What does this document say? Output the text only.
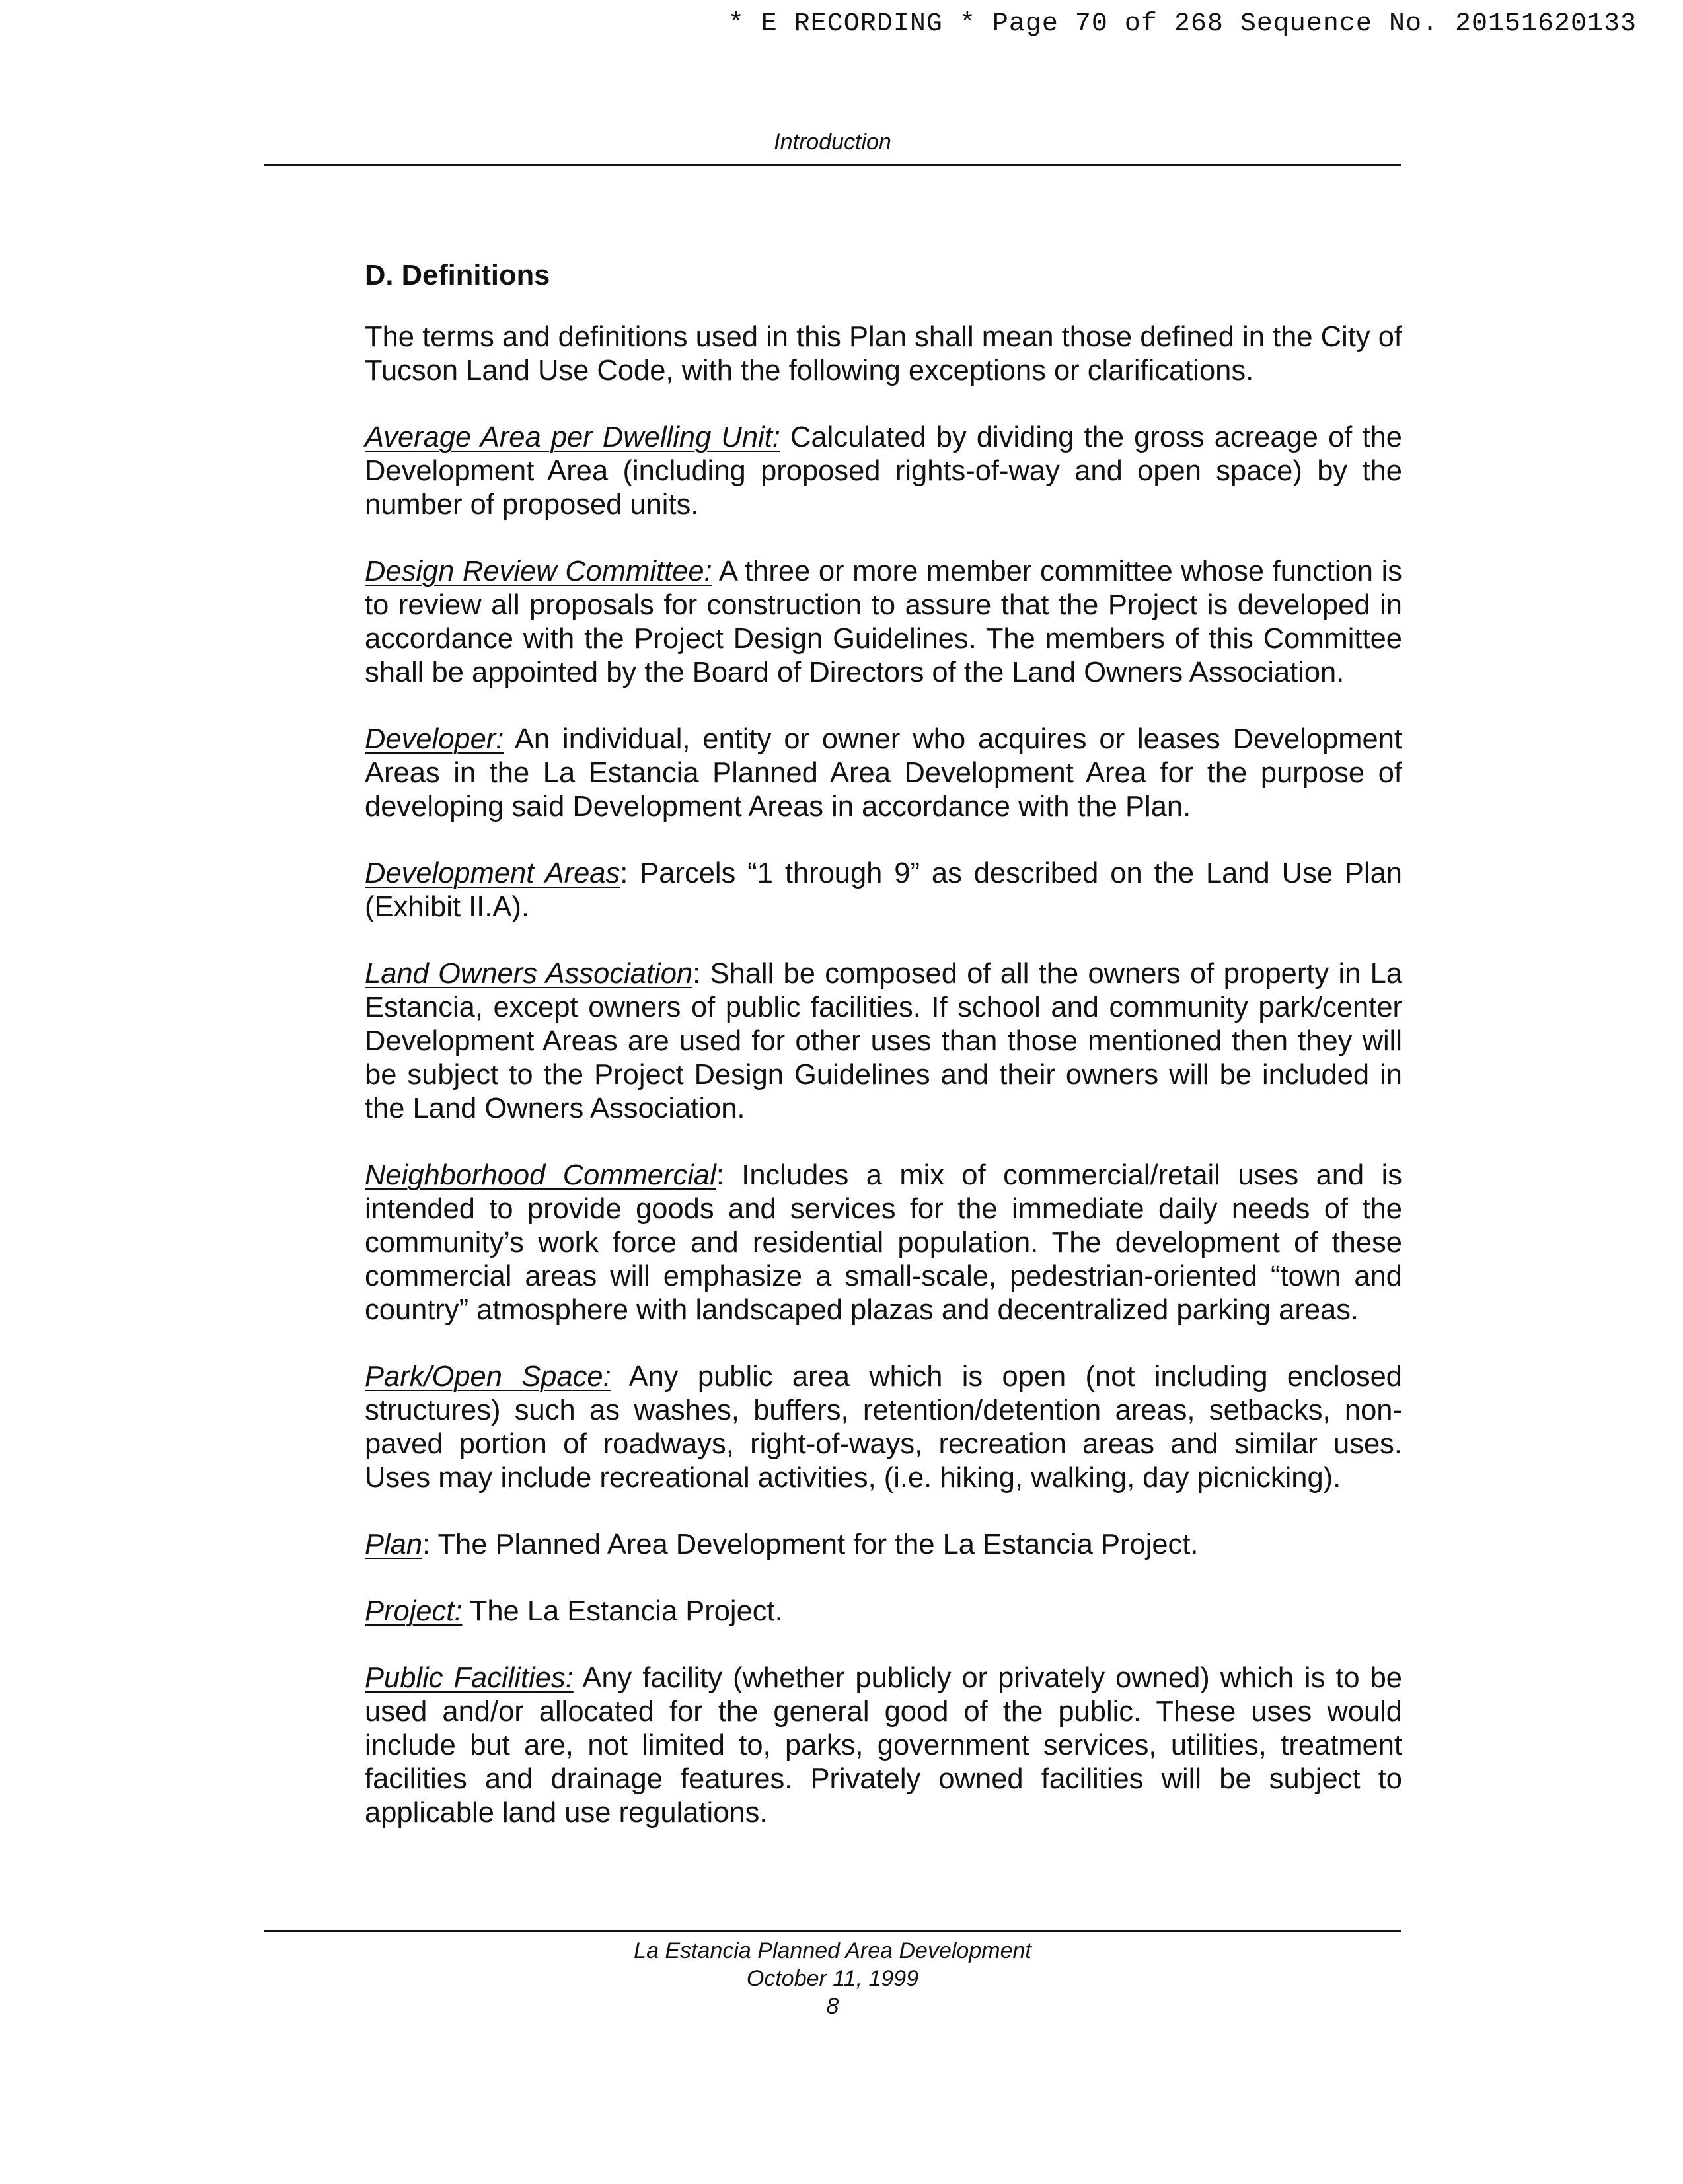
* E RECORDING * Page 70 of 268 Sequence No. 20151620133
Introduction
D. Definitions

The terms and definitions used in this Plan shall mean those defined in the City of Tucson Land Use Code, with the following exceptions or clarifications.

Average Area per Dwelling Unit: Calculated by dividing the gross acreage of the Development Area (including proposed rights-of-way and open space) by the number of proposed units.

Design Review Committee: A three or more member committee whose function is to review all proposals for construction to assure that the Project is developed in accordance with the Project Design Guidelines. The members of this Committee shall be appointed by the Board of Directors of the Land Owners Association.

Developer: An individual, entity or owner who acquires or leases Development Areas in the La Estancia Planned Area Development Area for the purpose of developing said Development Areas in accordance with the Plan.

Development Areas: Parcels “1 through 9” as described on the Land Use Plan (Exhibit II.A).

Land Owners Association: Shall be composed of all the owners of property in La Estancia, except owners of public facilities. If school and community park/center Development Areas are used for other uses than those mentioned then they will be subject to the Project Design Guidelines and their owners will be included in the Land Owners Association.

Neighborhood Commercial: Includes a mix of commercial/retail uses and is intended to provide goods and services for the immediate daily needs of the community’s work force and residential population. The development of these commercial areas will emphasize a small-scale, pedestrian-oriented “town and country” atmosphere with landscaped plazas and decentralized parking areas.

Park/Open Space: Any public area which is open (not including enclosed structures) such as washes, buffers, retention/detention areas, setbacks, non-paved portion of roadways, right-of-ways, recreation areas and similar uses. Uses may include recreational activities, (i.e. hiking, walking, day picnicking).

Plan: The Planned Area Development for the La Estancia Project.

Project: The La Estancia Project.

Public Facilities: Any facility (whether publicly or privately owned) which is to be used and/or allocated for the general good of the public. These uses would include but are, not limited to, parks, government services, utilities, treatment facilities and drainage features. Privately owned facilities will be subject to applicable land use regulations.

La Estancia Planned Area Development
October 11, 1999
8
